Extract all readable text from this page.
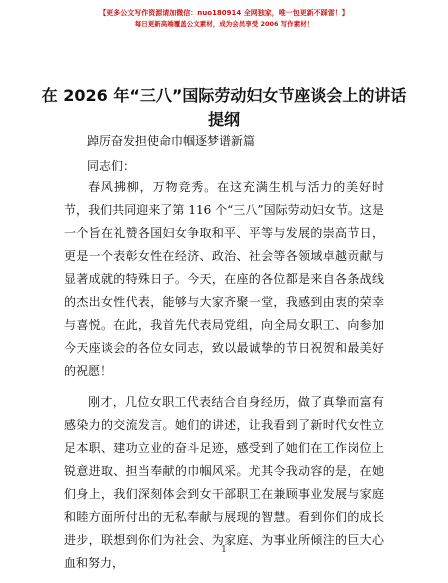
【更多公文写作资源请加微信：nuo180914 全网独家，唯一包更新不踩雷！】
每日更新高端覆盖公文素材，成为会员享受 2006 写作素材！
在 2026 年“三八”国际劳动妇女节座谈会上的讲话提纲
踔厉奋发担使命巾帼逐梦谱新篇
同志们：

春风拂柳，万物竞秀。在这充满生机与活力的美好时节，我们共同迎来了第 116 个“三八”国际劳动妇女节。这是一个旨在礼赞各国妇女争取和平、平等与发展的崇高节日，更是一个表彰女性在经济、政治、社会等各领域卓越贡献与显著成就的特殊日子。今天，在座的各位都是来自各条战线的杰出女性代表，能够与大家齐聚一堂，我感到由衷的荣幸与喜悦。在此，我首先代表局党组，向全局女职工、向参加今天座谈会的各位女同志，致以最诚挚的节日祝贺和最美好的祝愿！

刚才，几位女职工代表结合自身经历，做了真挚而富有感染力的交流发言。她们的讲述，让我看到了新时代女性立足本职、建功立业的奋斗足迹，感受到了她们在工作岗位上锐意进取、担当奉献的巾帼风采。尤其令我动容的是，在她们身上，我们深刻体会到女干部职工在兼顾事业发展与家庭和睦方面所付出的无私奉献与展现的智慧。看到你们的成长进步，联想到你们为社会、为家庭、为事业所倾注的巨大心血和努力，

1
